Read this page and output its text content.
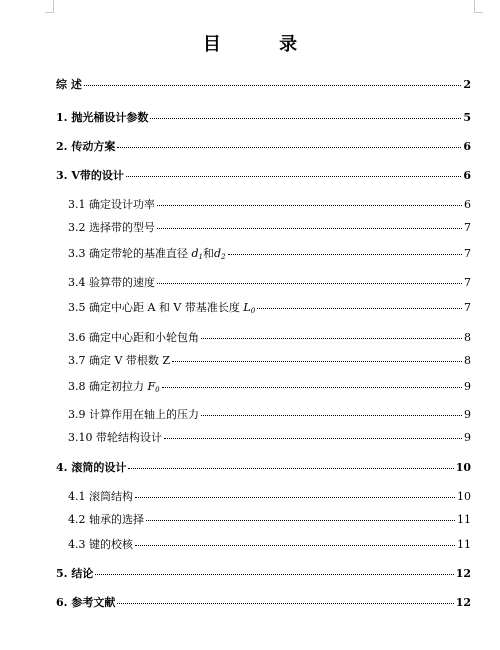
目 录
综 述	2
1. 抛光桶设计参数	5
2. 传动方案	6
3. V带的设计	6
3.1 确定设计功率	6
3.2 选择带的型号	7
3.3 确定带轮的基准直径 $d_1$和$d_2$	7
3.4 验算带的速度	7
3.5 确定中心距 A 和 V 带基准长度 $L_0$	7
3.6 确定中心距和小轮包角	8
3.7 确定 V 带根数 Z	8
3.8 确定初拉力 $F_0$	9
3.9 计算作用在轴上的压力	9
3.10 带轮结构设计	9
4. 滚筒的设计	10
4.1 滚筒结构	10
4.2 轴承的选择	11
4.3 键的校核	11
5. 结论	12
6. 参考文献	12
